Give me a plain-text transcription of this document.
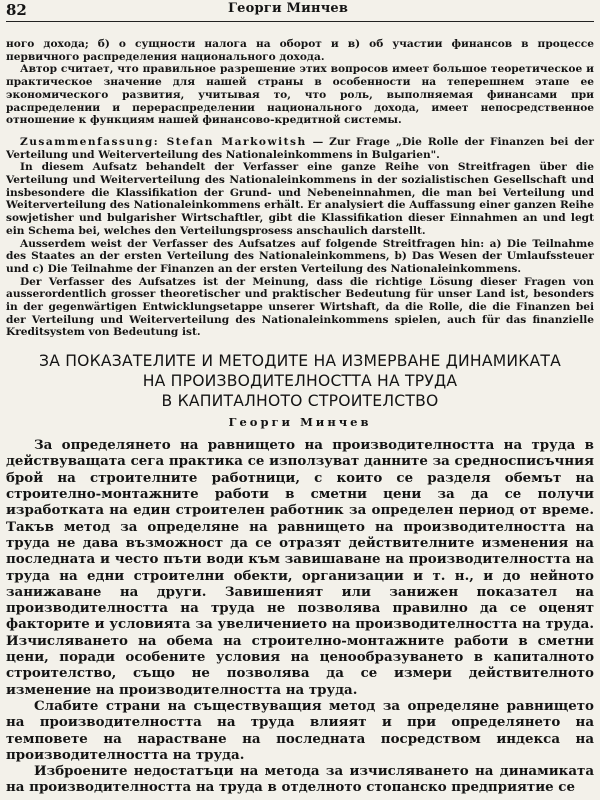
82	Георги Минчев

ного дохода; б) о сущности налога на оборот и в) об участии финансов в процессе первичного распределения национального дохода.

Автор считает, что правильное разрешение этих вопросов имеет большое теоретическое и практическое значение для нашей страны в особенности на теперешнем этапе ее экономического развития, учитывая то, что роль, выполняемая финансами при распределении и перераспределении национального дохода, имеет непосредственное отношение к функциям нашей финансово-кредитной системы.

Zusammenfassung: Stefan Markowitsh — Zur Frage „Die Rolle der Finanzen bei der Verteilung und Weiterverteilung des Nationaleinkommens in Bulgarien".

In diesem Aufsatz behandelt der Verfasser eine ganze Reihe von Streitfragen über die Verteilung und Weiterverteilung des Nationaleinkommens in der sozialistischen Gesellschaft und insbesondere die Klassifikation der Grund- und Nebeneinnahmen, die man bei Verteilung und Weiterverteilung des Nationaleinkommens erhält. Er analysiert die Auffassung einer ganzen Reihe sowjetisher und bulgarisher Wirtschaftler, gibt die Klassifikation dieser Einnahmen an und legt ein Schema bei, welches den Verteilungsprosess anschaulich darstellt.

Ausserdem weist der Verfasser des Aufsatzes auf folgende Streitfragen hin: a) Die Teilnahme des Staates an der ersten Verteilung des Nationaleinkommens, b) Das Wesen der Umlaufssteuer und c) Die Teilnahme der Finanzen an der ersten Verteilung des Nationaleinkommens.

Der Verfasser des Aufsatzes ist der Meinung, dass die richtige Lösung dieser Fragen von ausserordentlich grosser theoretischer und praktischer Bedeutung für unser Land ist, besonders in der gegenwärtigen Entwicklungsetappe unserer Wirtshaft, da die Rolle, die die Finanzen bei der Verteilung und Weiterverteilung des Nationaleinkommens spielen, auch für das finanzielle Kreditsystem von Bedeutung ist.

ЗА ПОКАЗАТЕЛИТЕ И МЕТОДИТЕ НА ИЗМЕРВАНЕ ДИНАМИКАТА
НА ПРОИЗВОДИТЕЛНОСТТА НА ТРУДА
В КАПИТАЛНОТО СТРОИТЕЛСТВО
Георги Минчев

За определянето на равнището на производителността на труда в действуващата сега практика се използуват данните за средносписъчния брой на строителните работници, с които се разделя обемът на строително-монтажните работи в сметни цени за да се получи изработката на един строителен работник за определен период от време. Такъв метод за определяне на равнището на производителността на труда не дава възможност да се отразят действителните изменения на последната и често пъти води към завишаване на производителността на труда на едни строителни обекти, организации и т. н., и до нейното занижаване на други. Завишеният или занижен показател на производителността на труда не позволява правилно да се оценят факторите и условията за увеличението на производителността на труда. Изчисляването на обема на строително-монтажните работи в сметни цени, поради особените условия на ценообразуването в капиталното строителство, също не позволява да се измери действителното изменение на производителността на труда.

Слабите страни на съществуващия метод за определяне равнището на производителността на труда влияят и при определянето на темповете на нарастване на последната посредством индекса на производителността на труда.

Изброените недостатъци на метода за изчисляването на динамиката на производителността на труда в отделното стопанско предприятие се
